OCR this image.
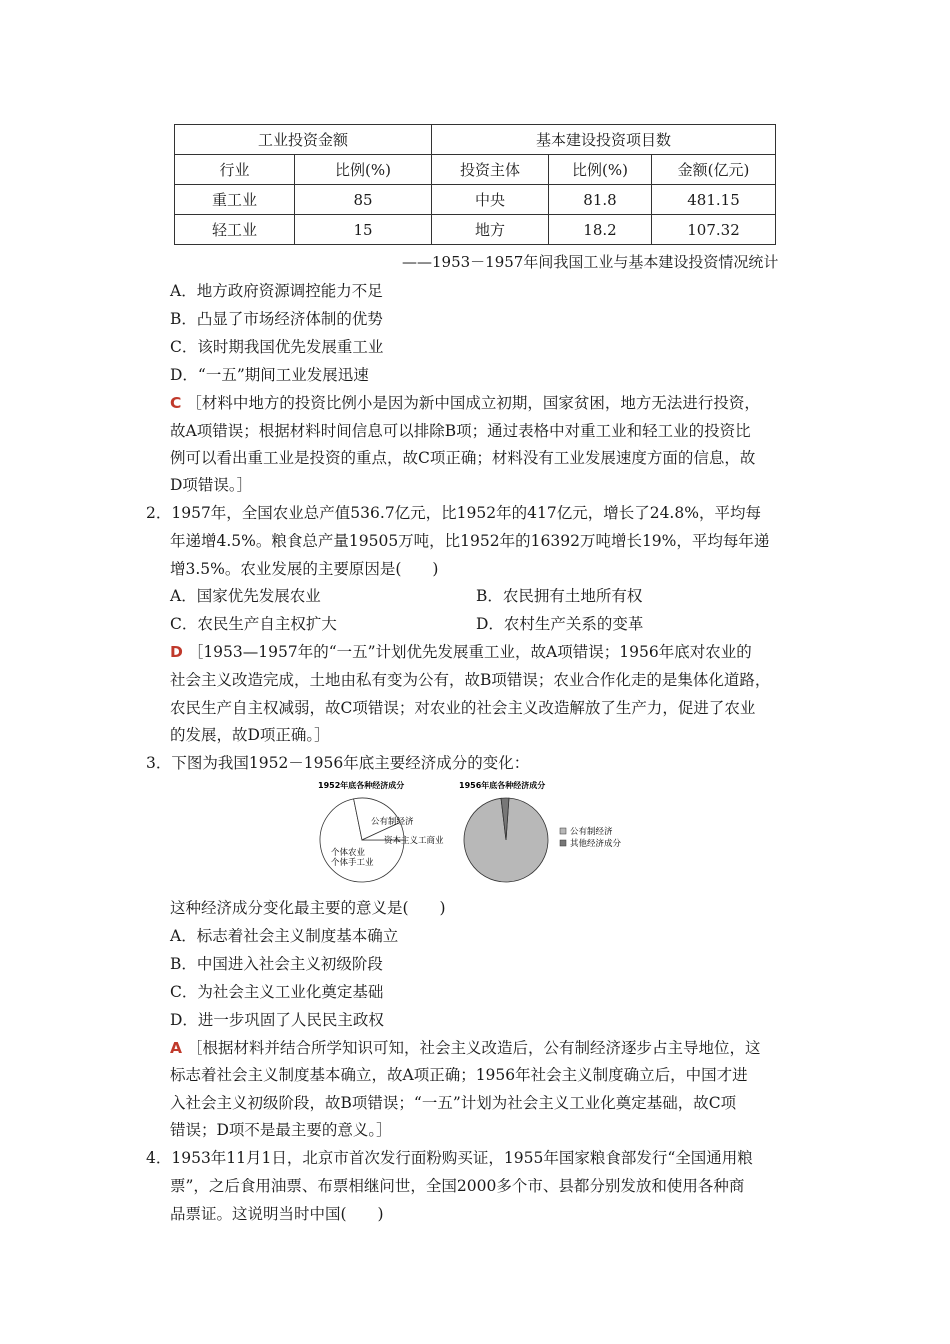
工业投资金额		基本建设投资项目数		
行业	比例(%)	投资主体	比例(%)	金额(亿元)
重工业	85	中央	81.8	481.15
轻工业	15	地方	18.2	107.32
——1953－1957年间我国工业与基本建设投资情况统计
A．地方政府资源调控能力不足
B．凸显了市场经济体制的优势
C．该时期我国优先发展重工业
D．“一五”期间工业发展迅速
C ［材料中地方的投资比例小是因为新中国成立初期，国家贫困，地方无法进行投资，
故A项错误；根据材料时间信息可以排除B项；通过表格中对重工业和轻工业的投资比
例可以看出重工业是投资的重点，故C项正确；材料没有工业发展速度方面的信息，故
D项错误。］
2．1957年，全国农业总产值536.7亿元，比1952年的417亿元，增长了24.8%，平均每
年递增4.5%。粮食总产量19505万吨，比1952年的16392万吨增长19%，平均每年递
增3.5%。农业发展的主要原因是(　　)
A．国家优先发展农业	B．农民拥有土地所有权
C．农民生产自主权扩大	D．农村生产关系的变革
D ［1953—1957年的“一五”计划优先发展重工业，故A项错误；1956年底对农业的
社会主义改造完成，土地由私有变为公有，故B项错误；农业合作化走的是集体化道路，
农民生产自主权减弱，故C项错误；对农业的社会主义改造解放了生产力，促进了农业
的发展，故D项正确。］
3．下图为我国1952－1956年底主要经济成分的变化：
1952年底各种经济成分	1956年底各种经济成分
公有制经济
资本主义工商业
个体农业 个体手工业
公有制经济
其他经济成分
这种经济成分变化最主要的意义是(　　)
A．标志着社会主义制度基本确立
B．中国进入社会主义初级阶段
C．为社会主义工业化奠定基础
D．进一步巩固了人民民主政权
A ［根据材料并结合所学知识可知，社会主义改造后，公有制经济逐步占主导地位，这
标志着社会主义制度基本确立，故A项正确；1956年社会主义制度确立后，中国才进
入社会主义初级阶段，故B项错误；“一五”计划为社会主义工业化奠定基础，故C项
错误；D项不是最主要的意义。］
4．1953年11月1日，北京市首次发行面粉购买证，1955年国家粮食部发行“全国通用粮
票”，之后食用油票、布票相继问世，全国2000多个市、县都分别发放和使用各种商
品票证。这说明当时中国(　　)
